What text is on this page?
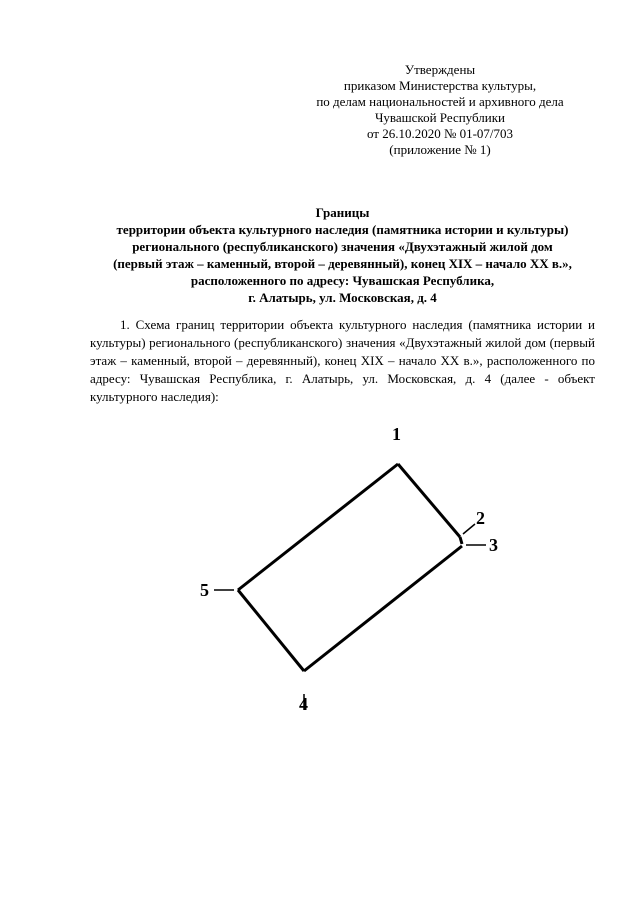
Утверждены
приказом Министерства культуры,
по делам национальностей и архивного дела
Чувашской Республики
от 26.10.2020 № 01-07/703
(приложение № 1)
Границы
территории объекта культурного наследия (памятника истории и культуры)
регионального (республиканского) значения «Двухэтажный жилой дом
(первый этаж – каменный, второй – деревянный), конец XIX – начало XX в.»,
расположенного по адресу: Чувашская Республика,
г. Алатырь, ул. Московская, д. 4

1. Схема границ территории объекта культурного наследия (памятника истории и культуры) регионального (республиканского) значения «Двухэтажный жилой дом (первый этаж – каменный, второй – деревянный), конец XIX – начало XX в.», расположенного по адресу: Чувашская Республика, г. Алатырь, ул. Московская, д. 4 (далее - объект культурного наследия):

1
2
3
4
5
